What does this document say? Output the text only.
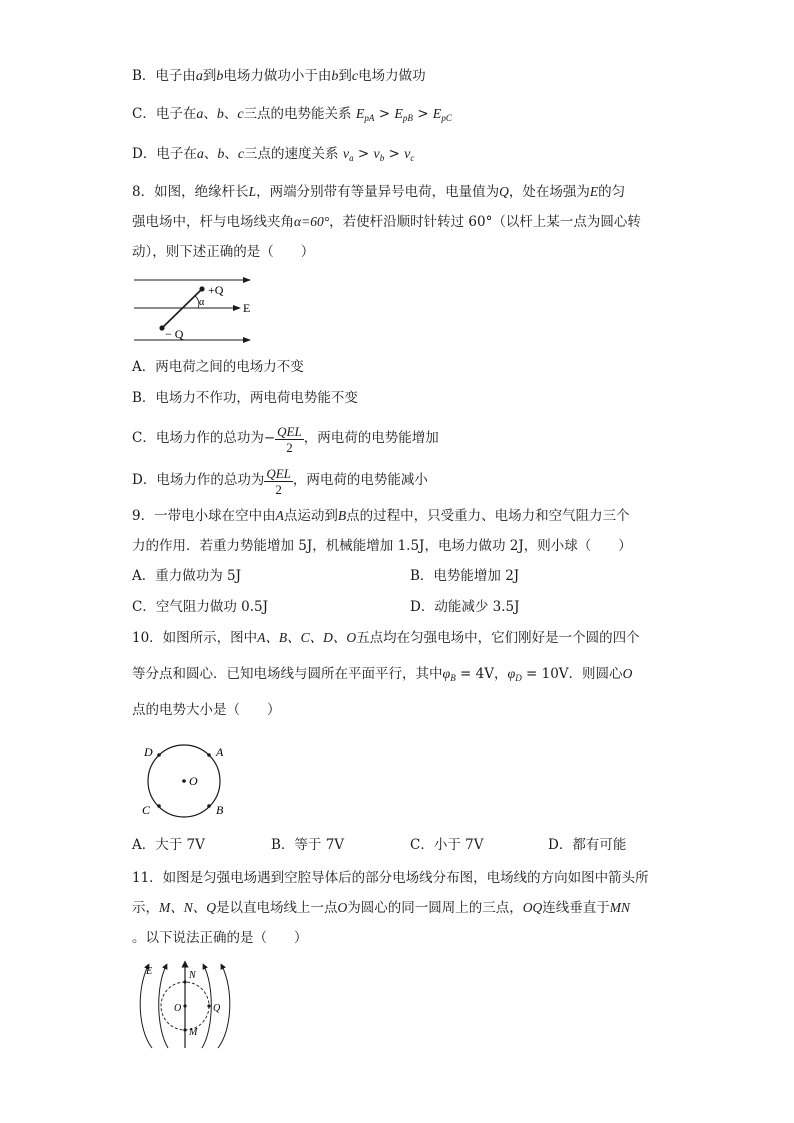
B．电子由a到b电场力做功小于由b到c电场力做功
C．电子在a、b、c三点的电势能关系 $E_{pA} > E_{pB} > E_{pC}$
D．电子在a、b、c三点的速度关系 $v_a > v_b > v_c$
8．如图，绝缘杆长L，两端分别带有等量异号电荷，电量值为Q，处在场强为E的匀
强电场中，杆与电场线夹角α=60°，若使杆沿顺时针转过 60°（以杆上某一点为圆心转
动），则下述正确的是（　　）
+Q
− Q
α	E
A．两电荷之间的电场力不变
B．电场力不作功，两电荷电势能不变
C．电场力作的总功为− $\frac{\text{QEL}}{2}$ ，两电荷的电势能增加
D．电场力作的总功为 $\frac{\text{QEL}}{2}$ ，两电荷的电势能减小
9．一带电小球在空中由A点运动到B点的过程中，只受重力、电场力和空气阻力三个
力的作用．若重力势能增加 5J，机械能增加 1.5J，电场力做功 2J，则小球（　　）
A．重力做功为 5J	B．电势能增加 2J
C．空气阻力做功 0.5J	D．动能减少 3.5J
10．如图所示，图中A、B、C、D、O五点均在匀强电场中，它们刚好是一个圆的四个
等分点和圆心．已知电场线与圆所在平面平行，其中$\varphi_B = 4V$，$\varphi_D = 10V$．则圆心O
点的电势大小是（　　）
D	A
C	B
O
A．大于 7V	B．等于 7V	C．小于 7V	D．都有可能
11．如图是匀强电场遇到空腔导体后的部分电场线分布图，电场线的方向如图中箭头所
示，M、N、Q是以直电场线上一点O为圆心的同一圆周上的三点，OQ连线垂直于MN
。以下说法正确的是（　　）
E	N
O	Q
M
